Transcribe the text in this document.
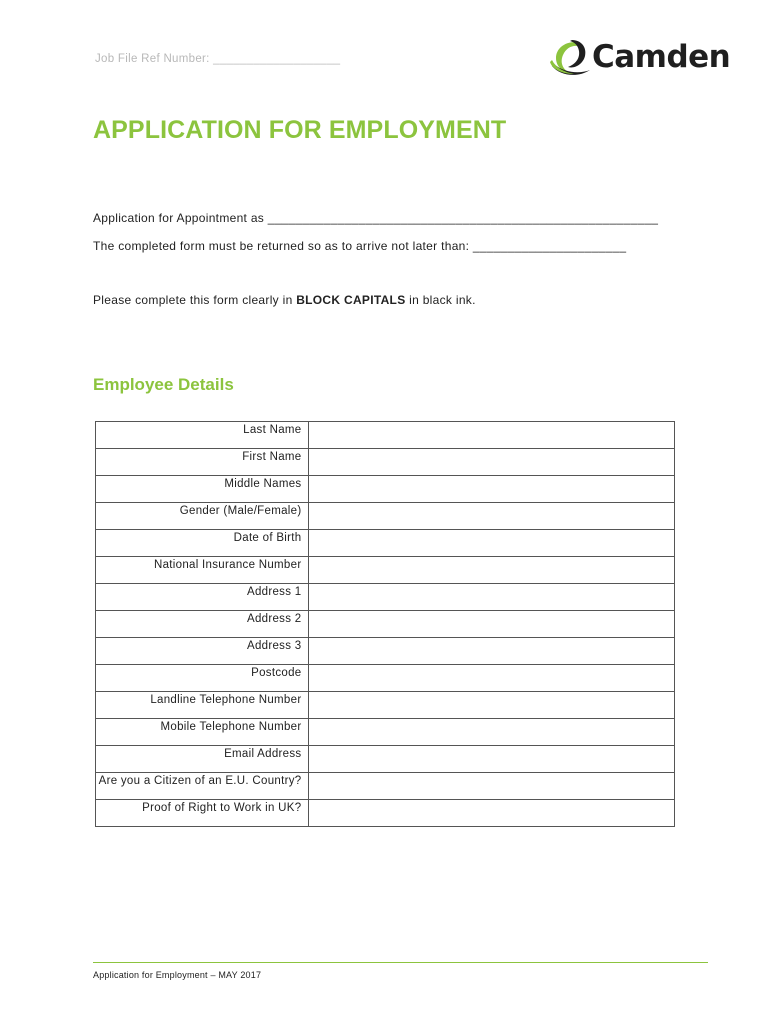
Job File Ref Number: ___________________	Camden
APPLICATION FOR EMPLOYMENT
Application for Appointment as ________________________________________________________
The completed form must be returned so as to arrive not later than: ______________________
Please complete this form clearly in BLOCK CAPITALS in black ink.
Employee Details
Last Name	
First Name	
Middle Names	
Gender (Male/Female)	
Date of Birth	
National Insurance Number	
Address 1	
Address 2	
Address 3	
Postcode	
Landline Telephone Number	
Mobile Telephone Number	
Email Address	
Are you a Citizen of an E.U. Country?	
Proof of Right to Work in UK?	
Application for Employment – MAY 2017
